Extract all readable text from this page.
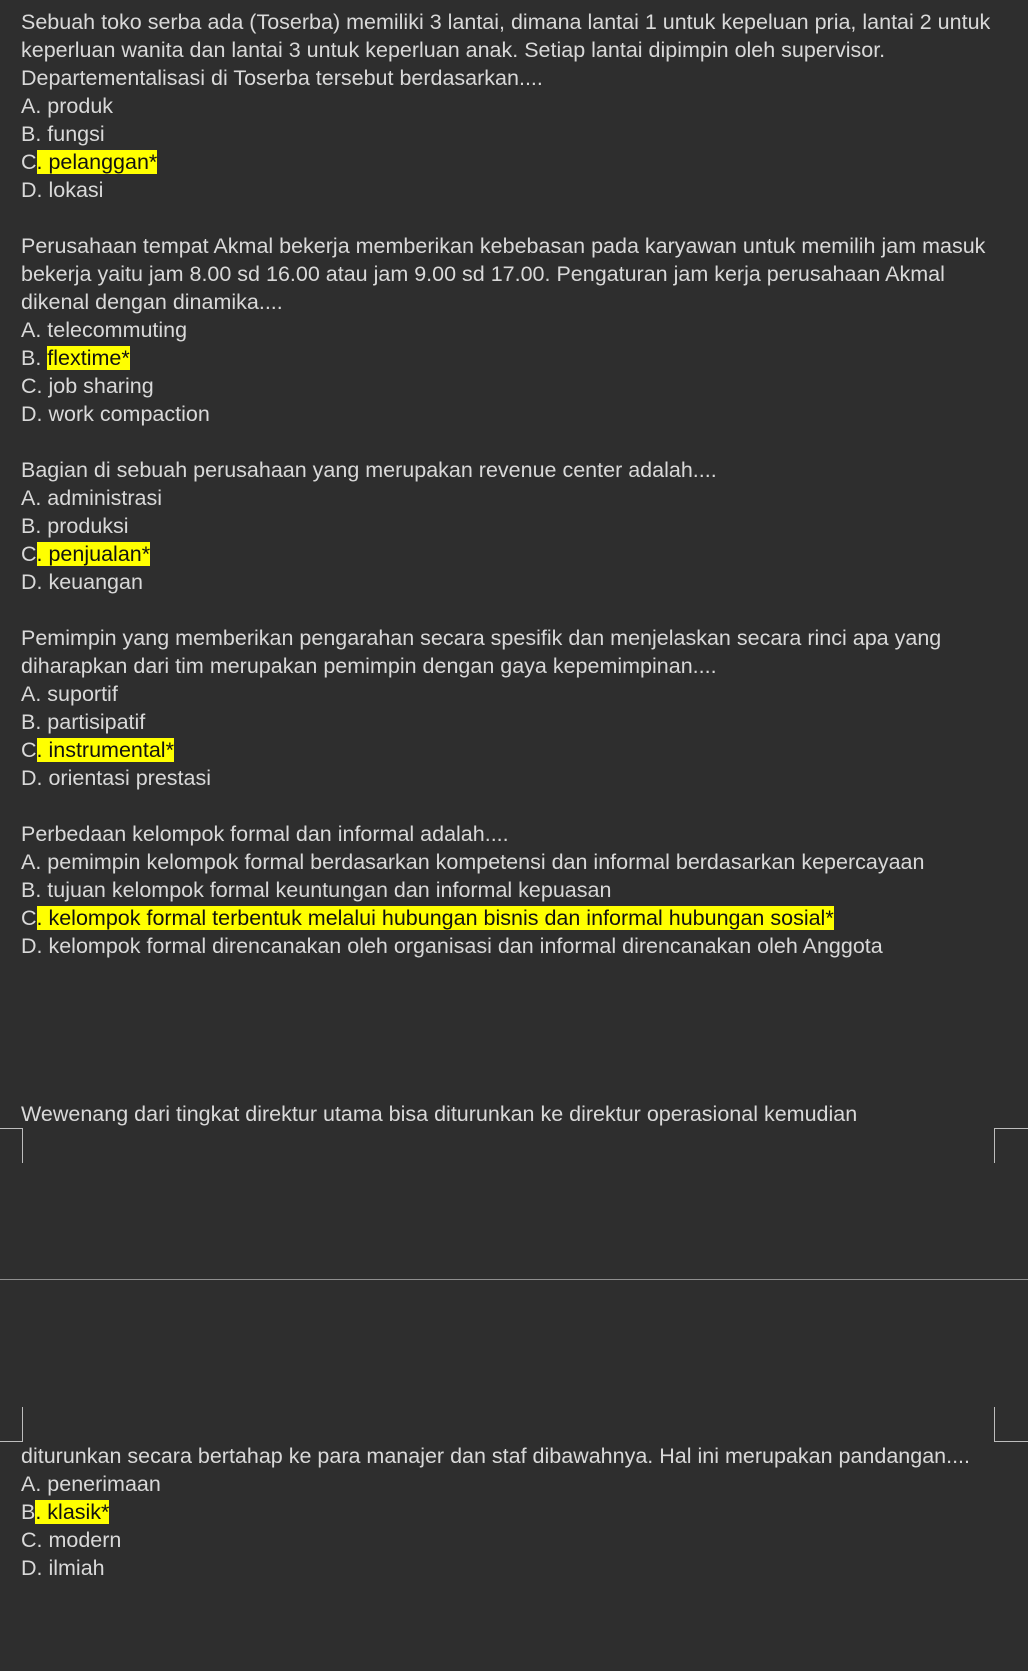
Sebuah toko serba ada (Toserba) memiliki 3 lantai, dimana lantai 1 untuk kepeluan pria, lantai 2 untuk keperluan wanita dan lantai 3 untuk keperluan anak. Setiap lantai dipimpin oleh supervisor. Departementalisasi di Toserba tersebut berdasarkan....
A. produk
B. fungsi
C. pelanggan*
D. lokasi
Perusahaan tempat Akmal bekerja memberikan kebebasan pada karyawan untuk memilih jam masuk bekerja yaitu jam 8.00 sd 16.00 atau jam 9.00 sd 17.00. Pengaturan jam kerja perusahaan Akmal dikenal dengan dinamika....
A. telecommuting
B. flextime*
C. job sharing
D. work compaction
Bagian di sebuah perusahaan yang merupakan revenue center adalah....
A. administrasi
B. produksi
C. penjualan*
D. keuangan
Pemimpin yang memberikan pengarahan secara spesifik dan menjelaskan secara rinci apa yang diharapkan dari tim merupakan pemimpin dengan gaya kepemimpinan....
A. suportif
B. partisipatif
C. instrumental*
D. orientasi prestasi
Perbedaan kelompok formal dan informal adalah....
A. pemimpin kelompok formal berdasarkan kompetensi dan informal berdasarkan kepercayaan
B. tujuan kelompok formal keuntungan dan informal kepuasan
C. kelompok formal terbentuk melalui hubungan bisnis dan informal hubungan sosial*
D. kelompok formal direncanakan oleh organisasi dan informal direncanakan oleh Anggota
Wewenang dari tingkat direktur utama bisa diturunkan ke direktur operasional kemudian
diturunkan secara bertahap ke para manajer dan staf dibawahnya. Hal ini merupakan pandangan....
A. penerimaan
B. klasik*
C. modern
D. ilmiah
